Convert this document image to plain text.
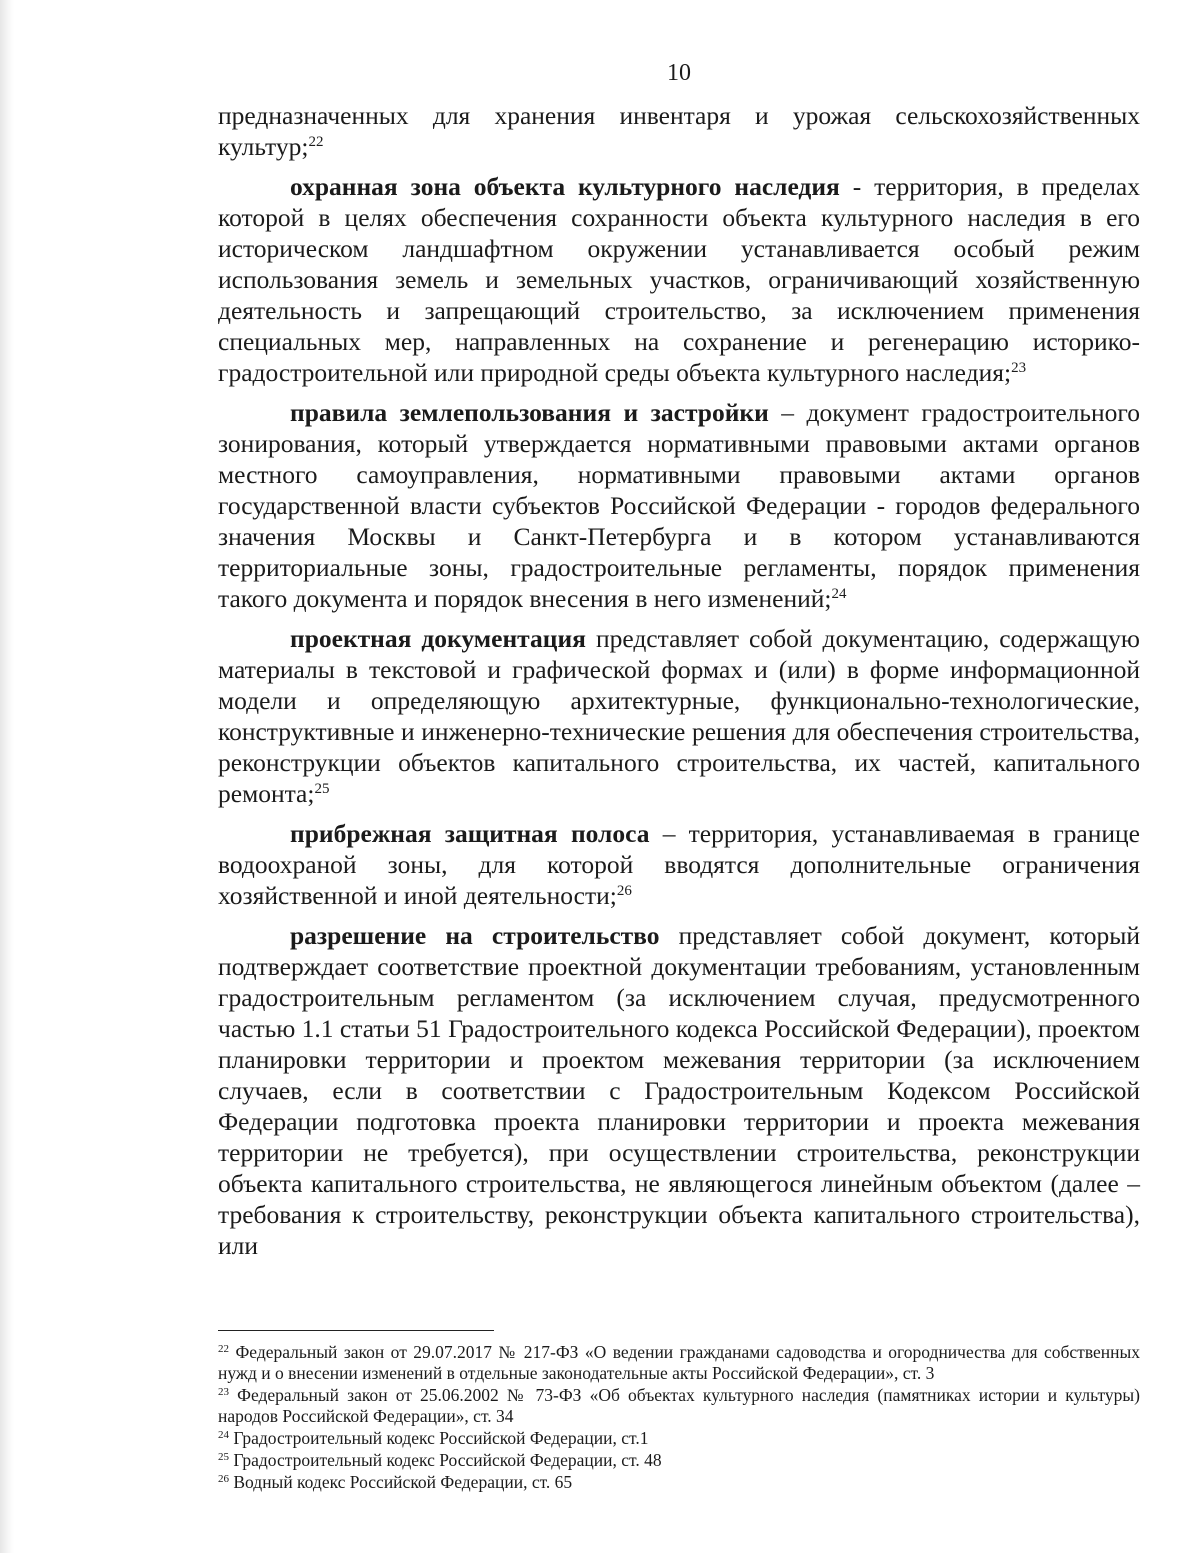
10

предназначенных для хранения инвентаря и урожая сельскохозяйственных культур;$^{22}$

охранная зона объекта культурного наследия - территория, в пределах которой в целях обеспечения сохранности объекта культурного наследия в его историческом ландшафтном окружении устанавливается особый режим использования земель и земельных участков, ограничивающий хозяйственную деятельность и запрещающий строительство, за исключением применения специальных мер, направленных на сохранение и регенерацию историко-градостроительной или природной среды объекта культурного наследия;$^{23}$

правила землепользования и застройки – документ градостроительного зонирования, который утверждается нормативными правовыми актами органов местного самоуправления, нормативными правовыми актами органов государственной власти субъектов Российской Федерации - городов федерального значения Москвы и Санкт-Петербурга и в котором устанавливаются территориальные зоны, градостроительные регламенты, порядок применения такого документа и порядок внесения в него изменений;$^{24}$

проектная документация представляет собой документацию, содержащую материалы в текстовой и графической формах и (или) в форме информационной модели и определяющую архитектурные, функционально-технологические, конструктивные и инженерно-технические решения для обеспечения строительства, реконструкции объектов капитального строительства, их частей, капитального ремонта;$^{25}$

прибрежная защитная полоса – территория, устанавливаемая в границе водоохраной зоны, для которой вводятся дополнительные ограничения хозяйственной и иной деятельности;$^{26}$

разрешение на строительство представляет собой документ, который подтверждает соответствие проектной документации требованиям, установленным градостроительным регламентом (за исключением случая, предусмотренного частью 1.1 статьи 51 Градостроительного кодекса Российской Федерации), проектом планировки территории и проектом межевания территории (за исключением случаев, если в соответствии с Градостроительным Кодексом Российской Федерации подготовка проекта планировки территории и проекта межевания территории не требуется), при осуществлении строительства, реконструкции объекта капитального строительства, не являющегося линейным объектом (далее – требования к строительству, реконструкции объекта капитального строительства), или

$^{22}$ Федеральный закон от 29.07.2017 № 217-ФЗ «О ведении гражданами садоводства и огородничества для собственных нужд и о внесении изменений в отдельные законодательные акты Российской Федерации», ст. 3

$^{23}$ Федеральный закон от 25.06.2002 № 73-ФЗ «Об объектах культурного наследия (памятниках истории и культуры) народов Российской Федерации», ст. 34

$^{24}$ Градостроительный кодекс Российской Федерации, ст.1

$^{25}$ Градостроительный кодекс Российской Федерации, ст. 48

$^{26}$ Водный кодекс Российской Федерации, ст. 65
